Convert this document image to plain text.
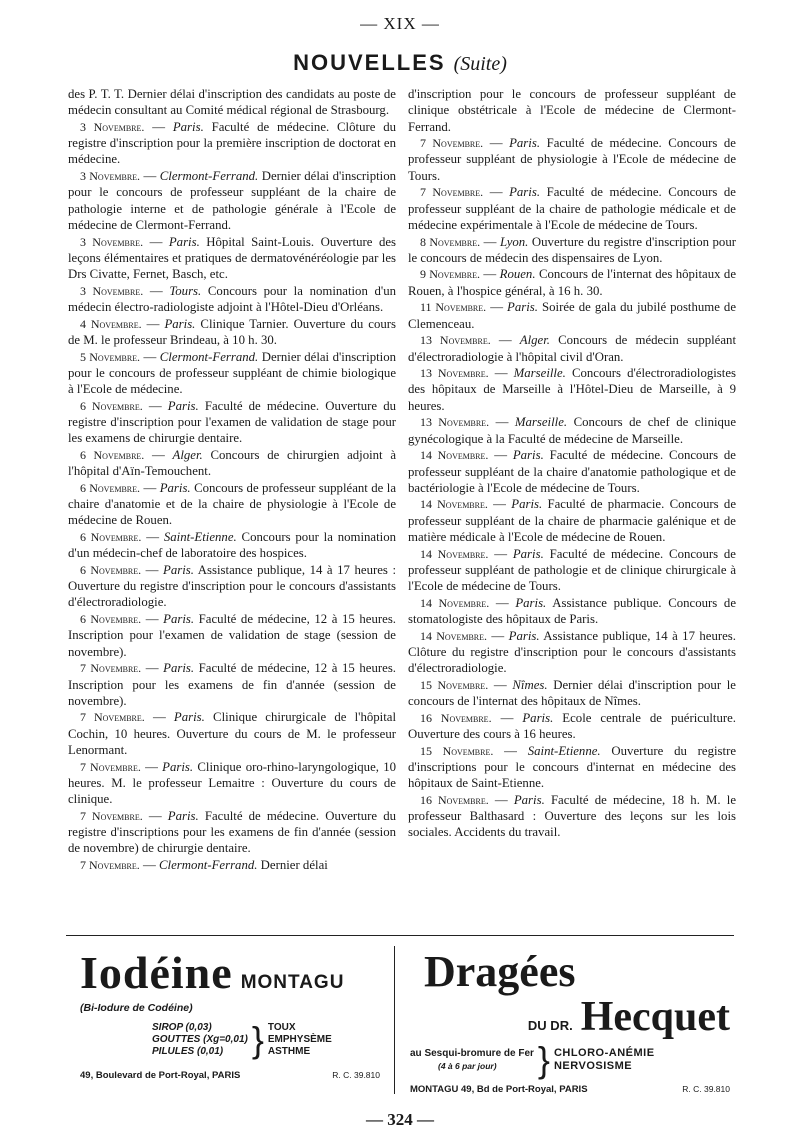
— XIX —
NOUVELLES (Suite)

des P. T. T. Dernier délai d'inscription des candidats au poste de médecin consultant au Comité médical régional de Strasbourg.

3 Novembre. — Paris. Faculté de médecine. Clôture du registre d'inscription pour la première inscription de doctorat en médecine.

3 Novembre. — Clermont-Ferrand. Dernier délai d'inscription pour le concours de professeur suppléant de la chaire de pathologie interne et de pathologie générale à l'Ecole de médecine de Clermont-Ferrand.

3 Novembre. — Paris. Hôpital Saint-Louis. Ouverture des leçons élémentaires et pratiques de dermatovénéréologie par les Drs Civatte, Fernet, Basch, etc.

3 Novembre. — Tours. Concours pour la nomination d'un médecin électro-radiologiste adjoint à l'Hôtel-Dieu d'Orléans.

4 Novembre. — Paris. Clinique Tarnier. Ouverture du cours de M. le professeur Brindeau, à 10 h. 30.

5 Novembre. — Clermont-Ferrand. Dernier délai d'inscription pour le concours de professeur suppléant de chimie biologique à l'Ecole de médecine.

6 Novembre. — Paris. Faculté de médecine. Ouverture du registre d'inscription pour l'examen de validation de stage pour les examens de chirurgie dentaire.

6 Novembre. — Alger. Concours de chirurgien adjoint à l'hôpital d'Aïn-Temouchent.

6 Novembre. — Paris. Concours de professeur suppléant de la chaire d'anatomie et de la chaire de physiologie à l'Ecole de médecine de Rouen.

6 Novembre. — Saint-Etienne. Concours pour la nomination d'un médecin-chef de laboratoire des hospices.

6 Novembre. — Paris. Assistance publique, 14 à 17 heures : Ouverture du registre d'inscription pour le concours d'assistants d'électroradiologie.

6 Novembre. — Paris. Faculté de médecine, 12 à 15 heures. Inscription pour l'examen de validation de stage (session de novembre).

7 Novembre. — Paris. Faculté de médecine, 12 à 15 heures. Inscription pour les examens de fin d'année (session de novembre).

7 Novembre. — Paris. Clinique chirurgicale de l'hôpital Cochin, 10 heures. Ouverture du cours de M. le professeur Lenormant.

7 Novembre. — Paris. Clinique oro-rhino-laryngologique, 10 heures. M. le professeur Lemaitre : Ouverture du cours de clinique.

7 Novembre. — Paris. Faculté de médecine. Ouverture du registre d'inscriptions pour les examens de fin d'année (session de novembre) de chirurgie dentaire.

7 Novembre. — Clermont-Ferrand. Dernier délai

d'inscription pour le concours de professeur suppléant de clinique obstétricale à l'Ecole de médecine de Clermont-Ferrand.

7 Novembre. — Paris. Faculté de médecine. Concours de professeur suppléant de physiologie à l'Ecole de médecine de Tours.

7 Novembre. — Paris. Faculté de médecine. Concours de professeur suppléant de la chaire de pathologie médicale et de médecine expérimentale à l'Ecole de médecine de Tours.

8 Novembre. — Lyon. Ouverture du registre d'inscription pour le concours de médecin des dispensaires de Lyon.

9 Novembre. — Rouen. Concours de l'internat des hôpitaux de Rouen, à l'hospice général, à 16 h. 30.

11 Novembre. — Paris. Soirée de gala du jubilé posthume de Clemenceau.

13 Novembre. — Alger. Concours de médecin suppléant d'électroradiologie à l'hôpital civil d'Oran.

13 Novembre. — Marseille. Concours d'électroradiologistes des hôpitaux de Marseille à l'Hôtel-Dieu de Marseille, à 9 heures.

13 Novembre. — Marseille. Concours de chef de clinique gynécologique à la Faculté de médecine de Marseille.

14 Novembre. — Paris. Faculté de médecine. Concours de professeur suppléant de la chaire d'anatomie pathologique et de bactériologie à l'Ecole de médecine de Tours.

14 Novembre. — Paris. Faculté de pharmacie. Concours de professeur suppléant de la chaire de pharmacie galénique et de matière médicale à l'Ecole de médecine de Rouen.

14 Novembre. — Paris. Faculté de médecine. Concours de professeur suppléant de pathologie et de clinique chirurgicale à l'Ecole de médecine de Tours.

14 Novembre. — Paris. Assistance publique. Concours de stomatologiste des hôpitaux de Paris.

14 Novembre. — Paris. Assistance publique, 14 à 17 heures. Clôture du registre d'inscription pour le concours d'assistants d'électroradiologie.

15 Novembre. — Nîmes. Dernier délai d'inscription pour le concours de l'internat des hôpitaux de Nîmes.

16 Novembre. — Paris. Ecole centrale de puériculture. Ouverture des cours à 16 heures.

15 Novembre. — Saint-Etienne. Ouverture du registre d'inscriptions pour le concours d'internat en médecine des hôpitaux de Saint-Etienne.

16 Novembre. — Paris. Faculté de médecine, 18 h. M. le professeur Balthasard : Ouverture des leçons sur les lois sociales. Accidents du travail.

Iodéine MONTAGU
(Bi-Iodure de Codéine)
SIROP (0,03)
GOUTTES (Xg=0,01)
PILULES (0,01) } TOUX
EMPHYSÈME
ASTHME
49, Boulevard de Port-Royal, PARIS	R. C. 39.810
Dragées
DU DR. Hecquet
au Sesqui-bromure de Fer
(4 à 6 par jour)	} CHLORO-ANÉMIE
NERVOSISME
MONTAGU 49, Bd de Port-Royal, PARIS	R. C. 39.810
— 324 —
